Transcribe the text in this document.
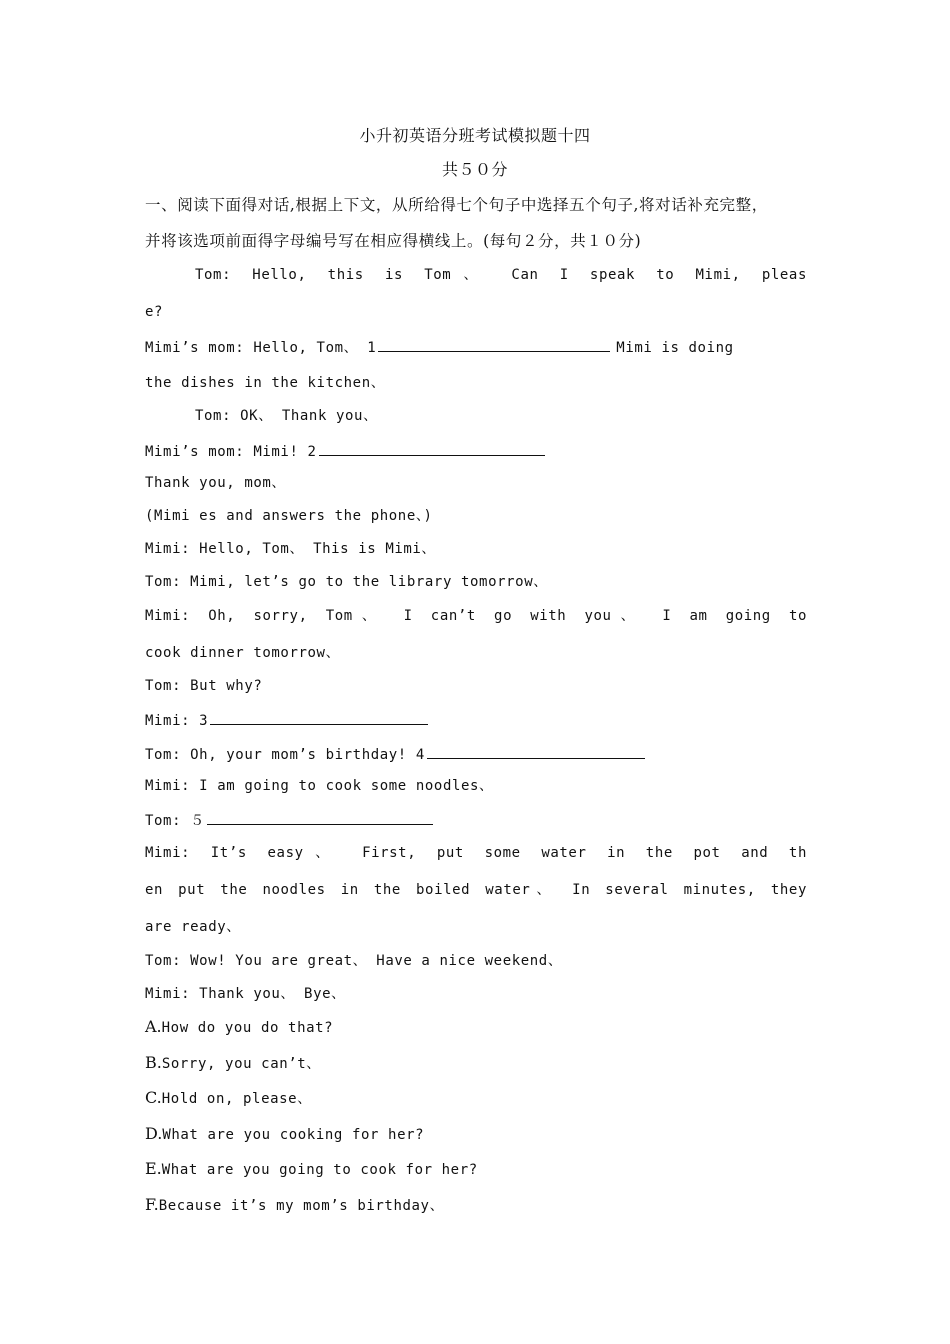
小升初英语分班考试模拟题十四
共５０分
一、阅读下面得对话,根据上下文，从所给得七个句子中选择五个句子,将对话补充完整，
并将该选项前面得字母编号写在相应得横线上。(每句２分，共１０分)
Tom: Hello, this is Tom、 Can I speak to Mimi, pleas
e?
Mimi’s mom: Hello, Tom、 1	Mimi is doing
the dishes in the kitchen、
Tom: OK、 Thank you、
Mimi’s mom: Mimi! 2
Thank you, mom、
(Mimi es and answers the phone、)
Mimi: Hello, Tom、 This is Mimi、
Tom: Mimi, let’s go to the library tomorrow、
Mimi: Oh, sorry, Tom、 I can’t go with you、 I am going to
cook dinner tomorrow、
Tom: But why?
Mimi: 3
Tom: Oh, your mom’s birthday! 4
Mimi: I am going to cook some noodles、
Tom: ５
Mimi: It’s easy、 First, put some water in the pot and th
en put the noodles in the boiled water、 In several minutes, they
are ready、
Tom: Wow! You are great、 Have a nice weekend、
Mimi: Thank you、 Bye、
A.How do you do that?
B.Sorry, you can’t、
C.Hold on, please、
D.What are you cooking for her?
E.What are you going to cook for her?
F.Because it’s my mom’s birthday、
